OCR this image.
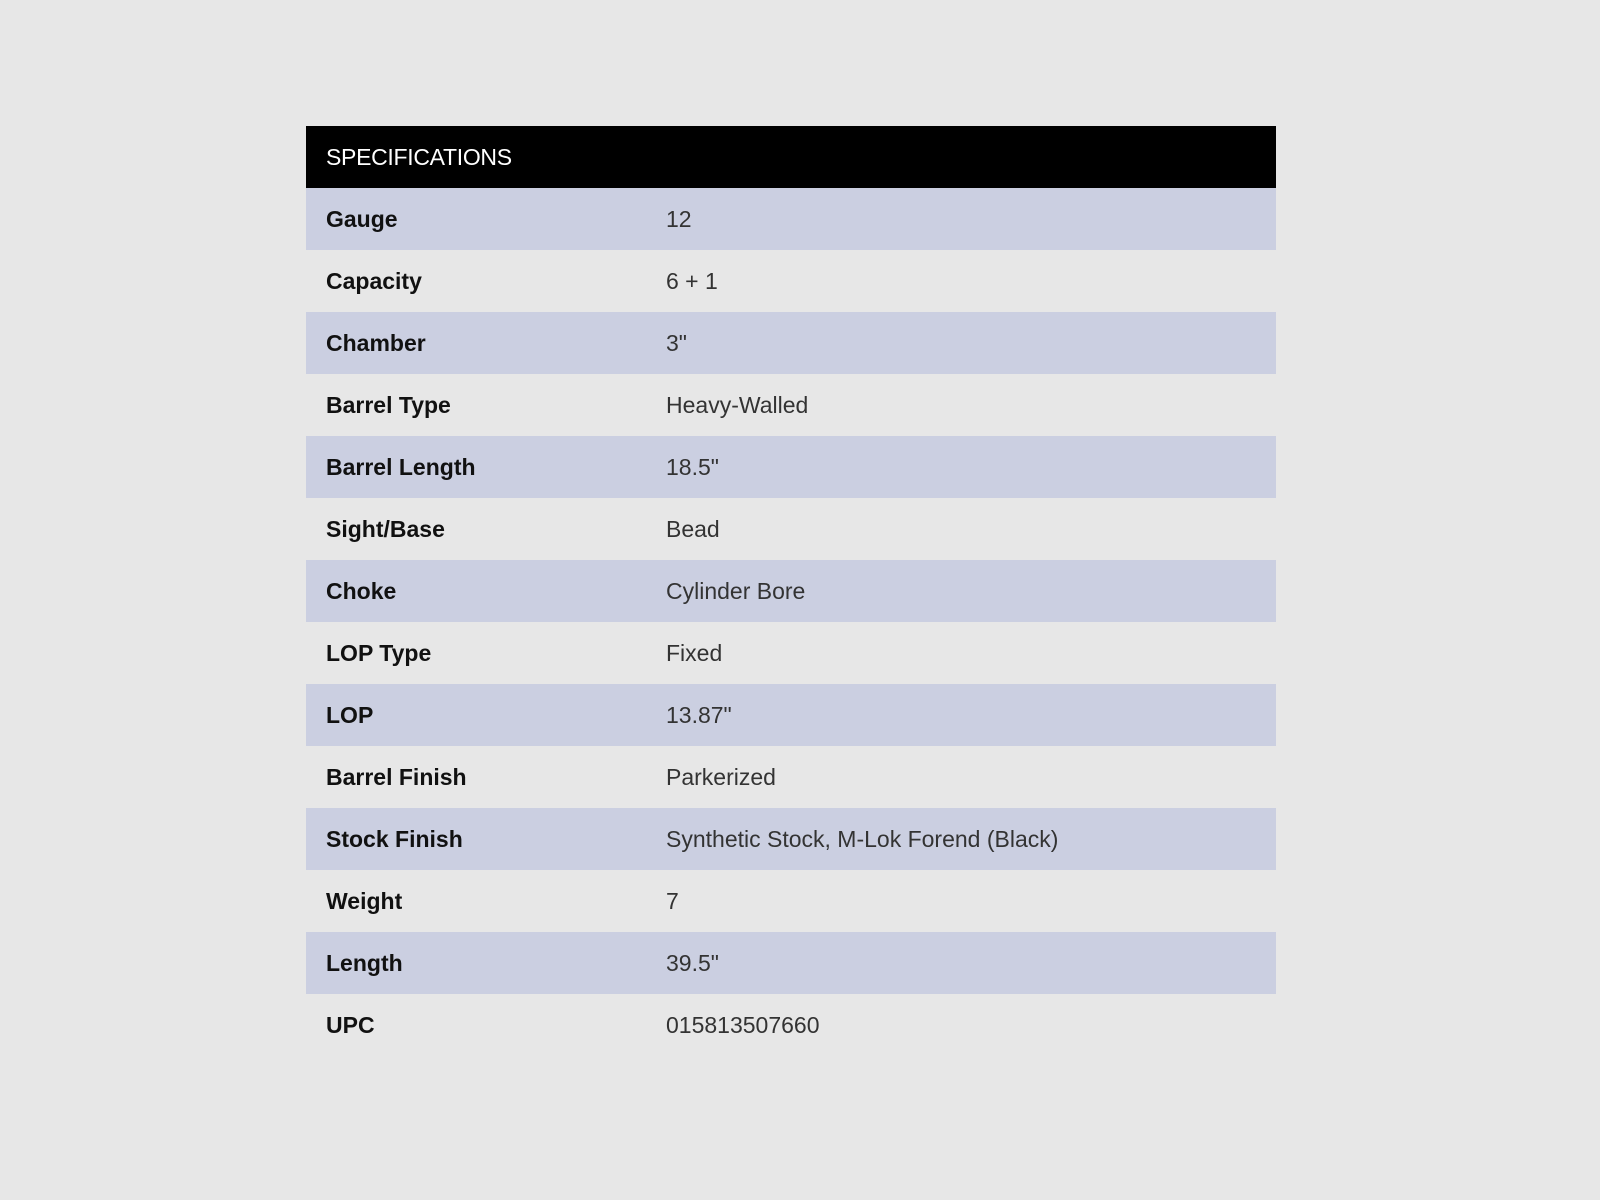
SPECIFICATIONS
Gauge	12
Capacity	6 + 1
Chamber	3"
Barrel Type	Heavy-Walled
Barrel Length	18.5"
Sight/Base	Bead
Choke	Cylinder Bore
LOP Type	Fixed
LOP	13.87"
Barrel Finish	Parkerized
Stock Finish	Synthetic Stock, M-Lok Forend (Black)
Weight	7
Length	39.5"
UPC	015813507660
